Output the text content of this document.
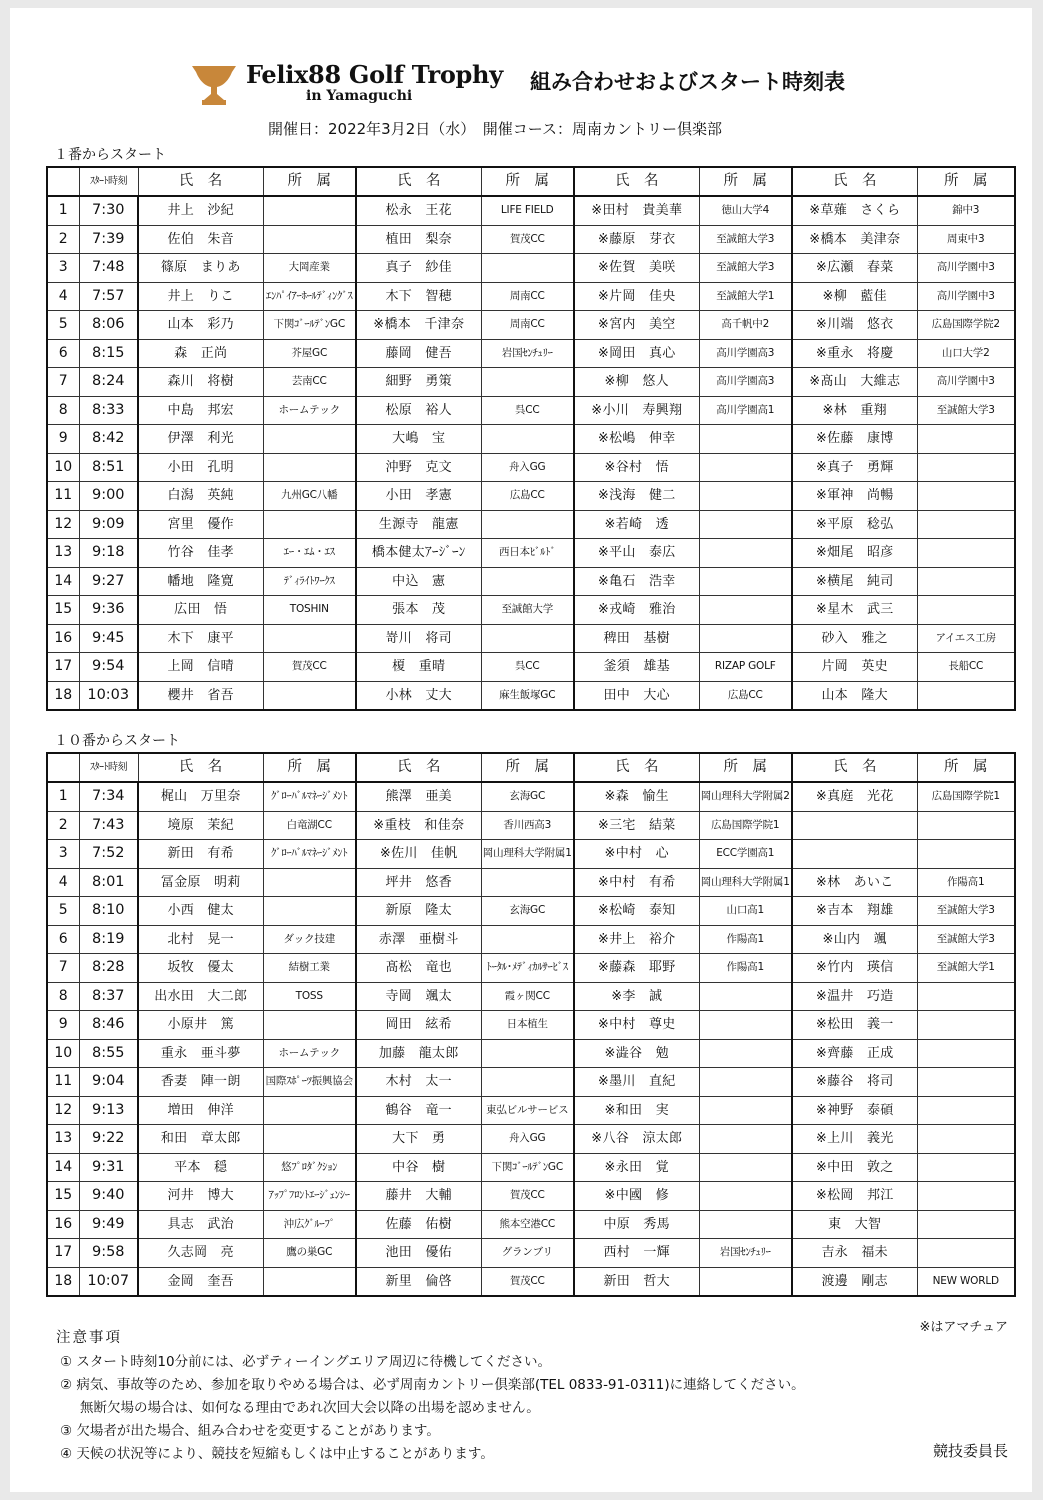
Felix88 Golf Trophy
in Yamaguchi
組み合わせおよびスタート時刻表
開催日：2022年3月2日（水）　開催コース：周南カントリー倶楽部
１番からスタート
	ｽﾀｰﾄ時刻	氏　名	所　属	氏　名	所　属	氏　名	所　属	氏　名	所　属
1	7:30	井上　沙紀		松永　王花	LIFE FIELD	※田村　貴美華	徳山大学4	※草薙　さくら	錦中3
2	7:39	佐伯　朱音		植田　梨奈	賀茂CC	※藤原　芽衣	至誠館大学3	※橋本　美津奈	周東中3
3	7:48	篠原　まりあ	大岡産業	真子　紗佳		※佐賀　美咲	至誠館大学3	※広瀬　春菜	高川学園中3
4	7:57	井上　りこ	ｴﾝﾊﾟｲｱｰﾎｰﾙﾃﾞｨﾝｸﾞｽ	木下　智穂	周南CC	※片岡　佳央	至誠館大学1	※柳　藍佳	高川学園中3
5	8:06	山本　彩乃	下関ｺﾞｰﾙﾃﾞﾝGC	※橋本　千津奈	周南CC	※宮内　美空	高千帆中2	※川端　悠衣	広島国際学院2
6	8:15	森　正尚	芥屋GC	藤岡　健吾	岩国ｾﾝﾁｭﾘｰ	※岡田　真心	高川学園高3	※重永　将慶	山口大学2
7	8:24	森川　将樹	芸南CC	細野　勇策		※柳　悠人	高川学園高3	※髙山　大維志	高川学園中3
8	8:33	中島　邦宏	ホームテック	松原　裕人	呉CC	※小川　寿興翔	高川学園高1	※林　重翔	至誠館大学3
9	8:42	伊澤　利光		大嶋　宝		※松嶋　伸幸		※佐藤　康博	
10	8:51	小田　孔明		沖野　克文	舟入GG	※谷村　悟		※真子　勇輝	
11	9:00	白潟　英純	九州GC八幡	小田　孝憲	広島CC	※浅海　健二		※軍神　尚暢	
12	9:09	宮里　優作		生源寺　龍憲		※若崎　透		※平原　稔弘	
13	9:18	竹谷　佳孝	ｴｰ・ｴﾑ・ｴｽ	橋本健太ｱｰｼﾞｰﾝ	西日本ﾋﾞﾙﾄﾞ	※平山　泰広		※畑尾　昭彦	
14	9:27	幡地　隆寛	ﾃﾞｨﾗｲﾄﾜｰｸｽ	中込　憲		※亀石　浩幸		※横尾　純司	
15	9:36	広田　悟	TOSHIN	張本　茂	至誠館大学	※戎崎　雅治		※星木　武三	
16	9:45	木下　康平		嵜川　将司		稗田　基樹		砂入　雅之	アイエス工房
17	9:54	上岡　信晴	賀茂CC	榎　重晴	呉CC	釜須　雄基	RIZAP GOLF	片岡　英史	長船CC
18	10:03	櫻井　省吾		小林　丈大	麻生飯塚GC	田中　大心	広島CC	山本　隆大	
１０番からスタート
	ｽﾀｰﾄ時刻	氏　名	所　属	氏　名	所　属	氏　名	所　属	氏　名	所　属
1	7:34	梶山　万里奈	ｸﾞﾛｰﾊﾞﾙﾏﾈｰｼﾞﾒﾝﾄ	熊澤　亜美	玄海GC	※森　愉生	岡山理科大学附属2	※真庭　光花	広島国際学院1
2	7:43	境原　茉紀	白竜湖CC	※重枝　和佳奈	香川西高3	※三宅　結菜	広島国際学院1		
3	7:52	新田　有希	ｸﾞﾛｰﾊﾞﾙﾏﾈｰｼﾞﾒﾝﾄ	※佐川　佳帆	岡山理科大学附属1	※中村　心	ECC学園高1		
4	8:01	冨金原　明莉		坪井　悠香		※中村　有希	岡山理科大学附属1	※林　あいこ	作陽高1
5	8:10	小西　健太		新原　隆太	玄海GC	※松崎　泰知	山口高1	※吉本　翔雄	至誠館大学3
6	8:19	北村　晃一	ダック技建	赤澤　亜樹斗		※井上　裕介	作陽高1	※山内　颯	至誠館大学3
7	8:28	坂牧　優太	結樹工業	髙松　竜也	ﾄｰﾀﾙ･ﾒﾃﾞｨｶﾙｻｰﾋﾞｽ	※藤森　耶野	作陽高1	※竹内　瑛信	至誠館大学1
8	8:37	出水田　大二郎	TOSS	寺岡　颯太	霞ヶ関CC	※李　誠		※温井　巧造	
9	8:46	小原井　篤		岡田　絃希	日本植生	※中村　尊史		※松田　義一	
10	8:55	重永　亜斗夢	ホームテック	加藤　龍太郎		※澁谷　勉		※齊藤　正成	
11	9:04	香妻　陣一朗	国際ｽﾎﾟｰﾂ振興協会	木村　太一		※墨川　直紀		※藤谷　将司	
12	9:13	増田　伸洋		鶴谷　竜一	東弘ビルサービス	※和田　実		※神野　泰碩	
13	9:22	和田　章太郎		大下　勇	舟入GG	※八谷　涼太郎		※上川　義光	
14	9:31	平本　穏	悠ﾌﾟﾛﾀﾞｸｼｮﾝ	中谷　樹	下関ｺﾞｰﾙﾃﾞﾝGC	※永田　覚		※中田　敦之	
15	9:40	河井　博大	ｱｯﾌﾟﾌﾛﾝﾄｴｰｼﾞｪﾝｼｰ	藤井　大輔	賀茂CC	※中國　修		※松岡　邦江	
16	9:49	具志　武治	沖広ｸﾞﾙｰﾌﾟ	佐藤　佑樹	熊本空港CC	中原　秀馬		東　大智	
17	9:58	久志岡　亮	鷹の巣GC	池田　優佑	グランブリ	西村　一輝	岩国ｾﾝﾁｭﾘｰ	吉永　福未	
18	10:07	金岡　奎吾		新里　倫啓	賀茂CC	新田　哲大		渡邊　剛志	NEW WORLD
※はアマチュア
注意事項
① スタート時刻10分前には、必ずティーイングエリア周辺に待機してください。
② 病気、事故等のため、参加を取りやめる場合は、必ず周南カントリー倶楽部(TEL 0833-91-0311)に連絡してください。
無断欠場の場合は、如何なる理由であれ次回大会以降の出場を認めません。
③ 欠場者が出た場合、組み合わせを変更することがあります。
④ 天候の状況等により、競技を短縮もしくは中止することがあります。	競技委員長
